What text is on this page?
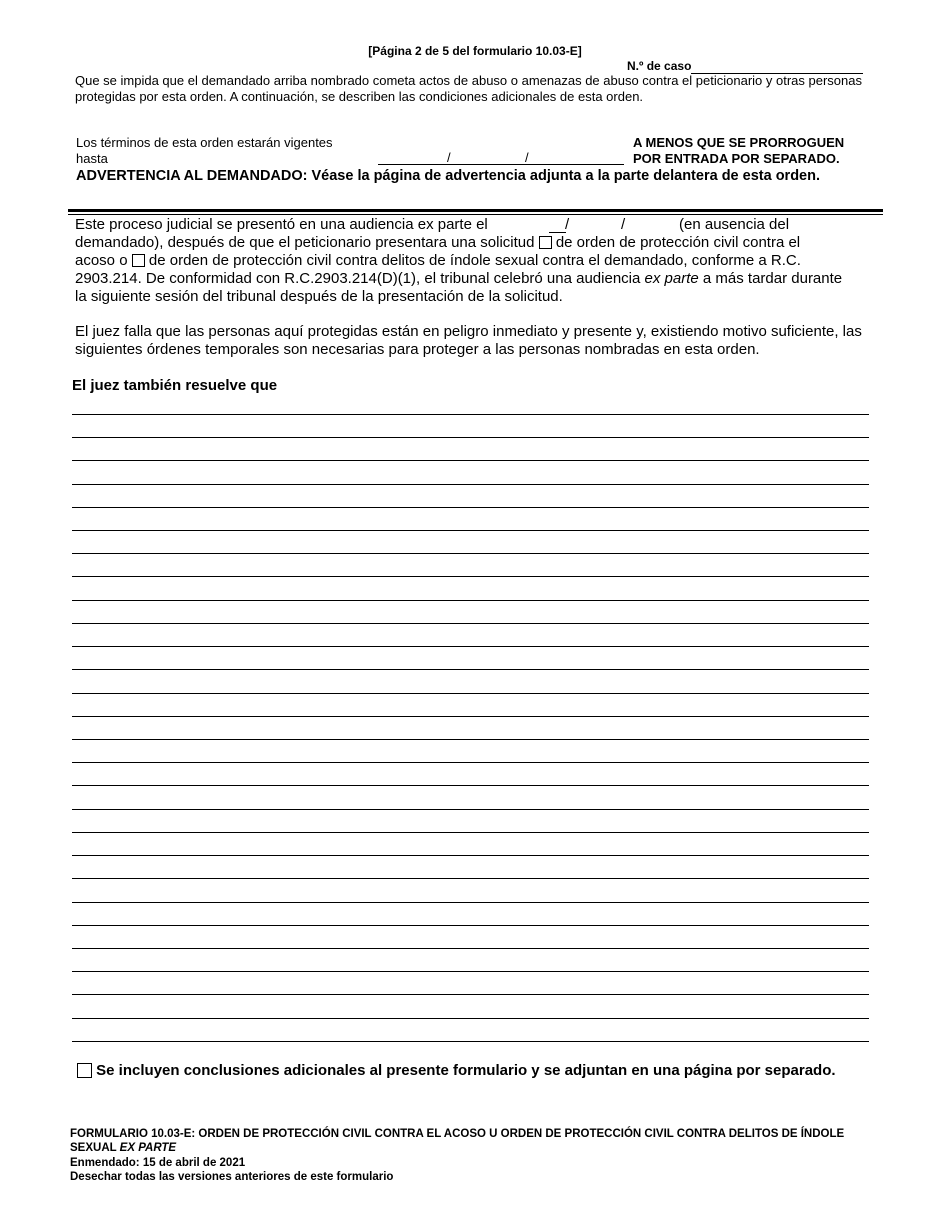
[Página 2 de 5 del formulario 10.03-E]
N.º de caso
Que se impida que el demandado arriba nombrado cometa actos de abuso o amenazas de abuso contra el peticionario y otras personas protegidas por esta orden. A continuación, se describen las condiciones adicionales de esta orden.
Los términos de esta orden estarán vigentes
hasta	/	/
A MENOS QUE SE PRORROGUEN
POR ENTRADA POR SEPARADO.
ADVERTENCIA AL DEMANDADO: Véase la página de advertencia adjunta a la parte delantera de esta orden.
Este proceso judicial se presentó en una audiencia ex parte el	/	/	(en ausencia del
demandado), después de que el peticionario presentara una solicitud de orden de protección civil contra el
acoso o de orden de protección civil contra delitos de índole sexual contra el demandado, conforme a R.C.
2903.214. De conformidad con R.C.2903.214(D)(1), el tribunal celebró una audiencia ex parte a más tardar durante
la siguiente sesión del tribunal después de la presentación de la solicitud.
El juez falla que las personas aquí protegidas están en peligro inmediato y presente y, existiendo motivo suficiente, las siguientes órdenes temporales son necesarias para proteger a las personas nombradas en esta orden.
El juez también resuelve que
Se incluyen conclusiones adicionales al presente formulario y se adjuntan en una página por separado.
FORMULARIO 10.03-E: ORDEN DE PROTECCIÓN CIVIL CONTRA EL ACOSO U ORDEN DE PROTECCIÓN CIVIL CONTRA DELITOS DE ÍNDOLE SEXUAL EX PARTE
Enmendado: 15 de abril de 2021
Desechar todas las versiones anteriores de este formulario
